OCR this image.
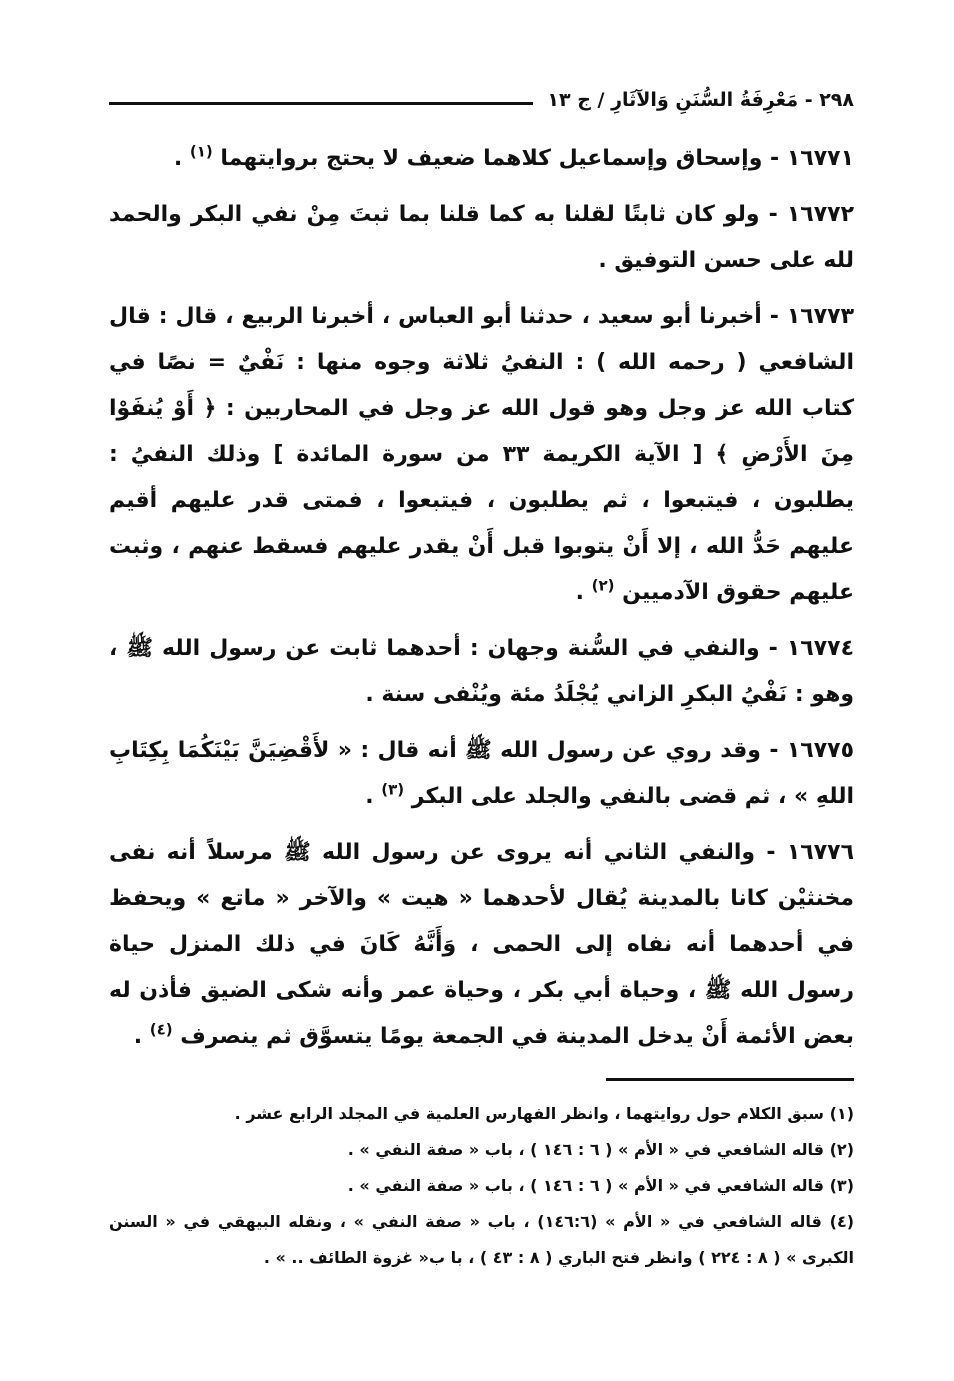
٢٩٨ - مَعْرِفَةُ السُّنَنِ وَالآثَارِ / ج ١٣

١٦٧٧١ - وإسحاق وإسماعيل كلاهما ضعيف لا يحتج بروايتهما $^{(١)}$ .

١٦٧٧٢ - ولو كان ثابتًا لقلنا به كما قلنا بما ثبتَ مِنْ نفي البكر والحمد لله على حسن التوفيق .

١٦٧٧٣ - أخبرنا أبو سعيد ، حدثنا أبو العباس ، أخبرنا الربيع ، قال : قال الشافعي ( رحمه الله ) : النفيُ ثلاثة وجوه منها : نَفْيٌ = نصًا في كتاب الله عز وجل وهو قول الله عز وجل في المحاربين : ﴿ أَوْ يُنفَوْا مِنَ الأَرْضِ ﴾ [ الآية الكريمة ٣٣ من سورة المائدة ] وذلك النفيُ : يطلبون ، فيتبعوا ، ثم يطلبون ، فيتبعوا ، فمتى قدر عليهم أقيم عليهم حَدُّ الله ، إلا أَنْ يتوبوا قبل أَنْ يقدر عليهم فسقط عنهم ، وثبت عليهم حقوق الآدميين $^{(٢)}$ .

١٦٧٧٤ - والنفي في السُّنة وجهان : أحدهما ثابت عن رسول الله ﷺ ، وهو : نَفْيُ البكرِ الزاني يُجْلَدُ مئة ويُنْفى سنة .

١٦٧٧٥ - وقد روي عن رسول الله ﷺ أنه قال : « لأَقْضِيَنَّ بَيْنَكُمَا بِكِتَابِ اللهِ » ، ثم قضى بالنفي والجلد على البكر $^{(٣)}$ .

١٦٧٧٦ - والنفي الثاني أنه يروى عن رسول الله ﷺ مرسلاً أنه نفى مخنثيْن كانا بالمدينة يُقال لأحدهما « هيت » والآخر « ماتع » ويحفظ في أحدهما أنه نفاه إلى الحمى ، وَأَنَّهُ كَانَ في ذلك المنزل حياة رسول الله ﷺ ، وحياة أبي بكر ، وحياة عمر وأنه شكى الضيق فأذن له بعض الأئمة أَنْ يدخل المدينة في الجمعة يومًا يتسوَّق ثم ينصرف $^{(٤)}$ .

(١) سبق الكلام حول روايتهما ، وانظر الفهارس العلمية في المجلد الرابع عشر .

(٢) قاله الشافعي في « الأم » ( ٦ : ١٤٦ ) ، باب « صفة النفي » .

(٣) قاله الشافعي في « الأم » ( ٦ : ١٤٦ ) ، باب « صفة النفي » .

(٤) قاله الشافعي في « الأم » (١٤٦:٦) ، باب « صفة النفي » ، ونقله البيهقي في « السنن الكبرى » ( ٨ : ٢٢٤ ) وانظر فتح الباري ( ٨ : ٤٣ ) ، با ب« غزوة الطائف .. » .
